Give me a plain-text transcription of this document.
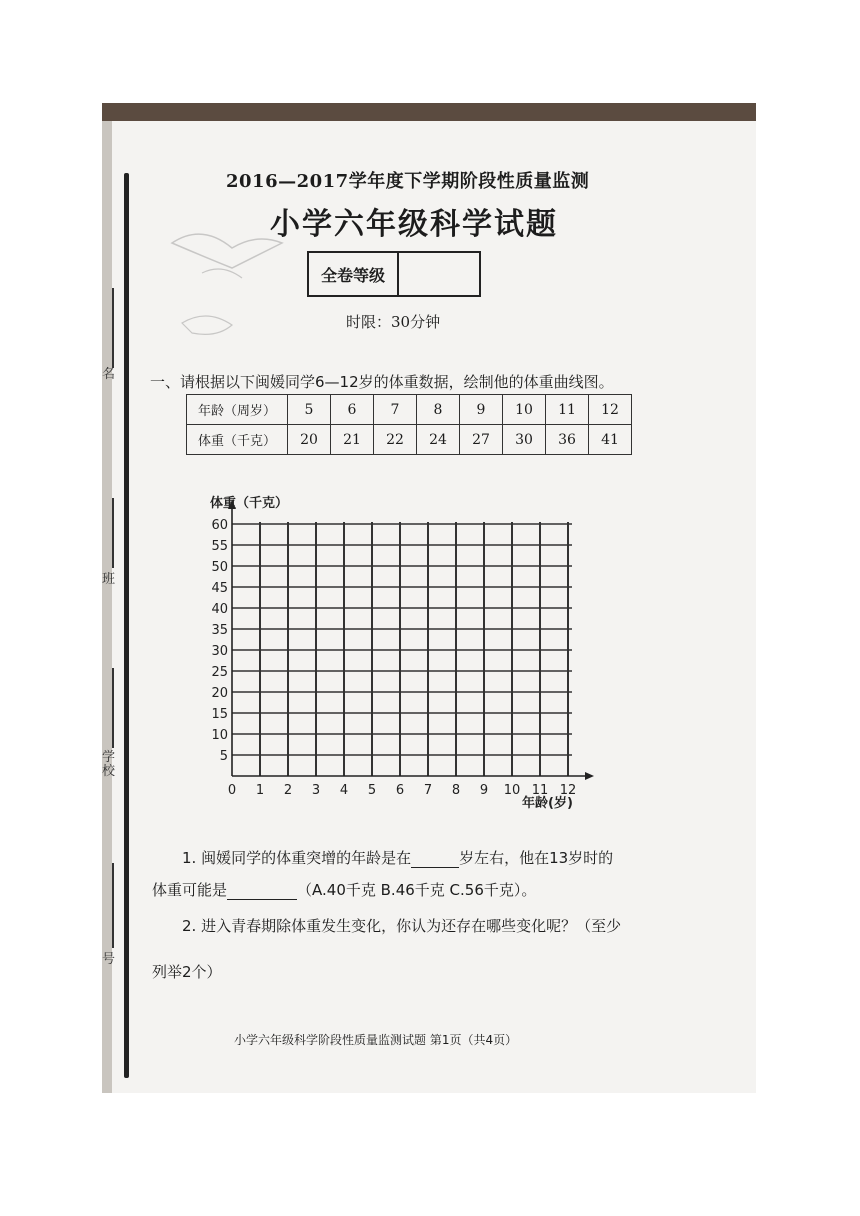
名
班
学校
号
2016—2017学年度下学期阶段性质量监测
小学六年级科学试题
全卷等级
时限：30分钟
一、请根据以下闽媛同学6—12岁的体重数据，绘制他的体重曲线图。
年龄（周岁）	5	6	7	8	9	10	11	12
体重（千克）	20	21	22	24	27	30	36	41
5
10
15
20
25
30
35
40
45
50
55
60
0 1 2 3 4 5 6 7 8 9 10 11 12
体重（千克）
年龄(岁)
1. 闽媛同学的体重突增的年龄是在	岁左右，他在13岁时的
体重可能是	（A.40千克 B.46千克 C.56千克）。
2. 进入青春期除体重发生变化，你认为还存在哪些变化呢？（至少
列举2个）
小学六年级科学阶段性质量监测试题 第1页（共4页）
